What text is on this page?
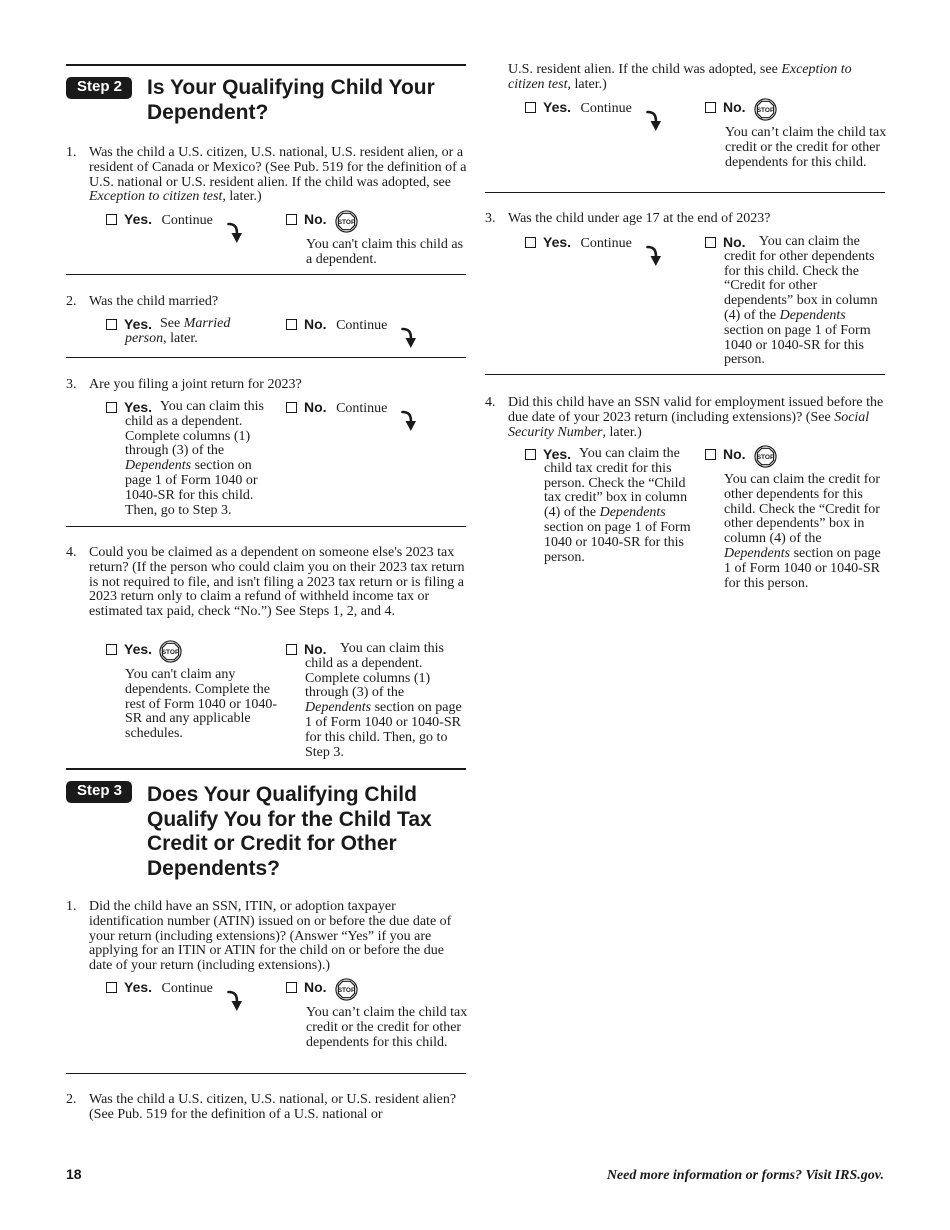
Step 2	Is Your Qualifying Child Your Dependent?
1. Was the child a U.S. citizen, U.S. national, U.S. resident alien, or a resident of Canada or Mexico? (See Pub. 519 for the definition of a U.S. national or U.S. resident alien. If the child was adopted, see Exception to citizen test, later.)
Yes. Continue	No.
You can't claim this child as a dependent.
2. Was the child married?
Yes. See Married person, later.
No. Continue
3. Are you filing a joint return for 2023?
Yes. You can claim this child as a dependent. Complete columns (1) through (3) of the Dependents section on page 1 of Form 1040 or 1040-SR for this child. Then, go to Step 3.
No. Continue
4. Could you be claimed as a dependent on someone else's 2023 tax return? (If the person who could claim you on their 2023 tax return is not required to file, and isn't filing a 2023 tax return or is filing a 2023 return only to claim a refund of withheld income tax or estimated tax paid, check “No.”) See Steps 1, 2, and 4.
Yes.
You can't claim any dependents. Complete the rest of Form 1040 or 1040-SR and any applicable schedules.
No. You can claim this child as a dependent. Complete columns (1) through (3) of the Dependents section on page 1 of Form 1040 or 1040-SR for this child. Then, go to Step 3.
Step 3	Does Your Qualifying Child Qualify You for the Child Tax Credit or Credit for Other Dependents?
1. Did the child have an SSN, ITIN, or adoption taxpayer identification number (ATIN) issued on or before the due date of your return (including extensions)? (Answer “Yes” if you are applying for an ITIN or ATIN for the child on or before the due date of your return (including extensions).)
Yes. Continue	No.
You can’t claim the child tax credit or the credit for other dependents for this child.
2. Was the child a U.S. citizen, U.S. national, or U.S. resident alien? (See Pub. 519 for the definition of a U.S. national or
U.S. resident alien. If the child was adopted, see Exception to citizen test, later.)
Yes. Continue	No.
You can’t claim the child tax credit or the credit for other dependents for this child.
3. Was the child under age 17 at the end of 2023?
Yes. Continue	No. You can claim the credit for other dependents for this child. Check the “Credit for other dependents” box in column (4) of the Dependents section on page 1 of Form 1040 or 1040-SR for this person.
4. Did this child have an SSN valid for employment issued before the due date of your 2023 return (including extensions)? (See Social Security Number, later.)
Yes. You can claim the child tax credit for this person. Check the “Child tax credit” box in column (4) of the Dependents section on page 1 of Form 1040 or 1040-SR for this person.
No.
You can claim the credit for other dependents for this child. Check the “Credit for other dependents” box in column (4) of the Dependents section on page 1 of Form 1040 or 1040-SR for this person.
18	Need more information or forms? Visit IRS.gov.
